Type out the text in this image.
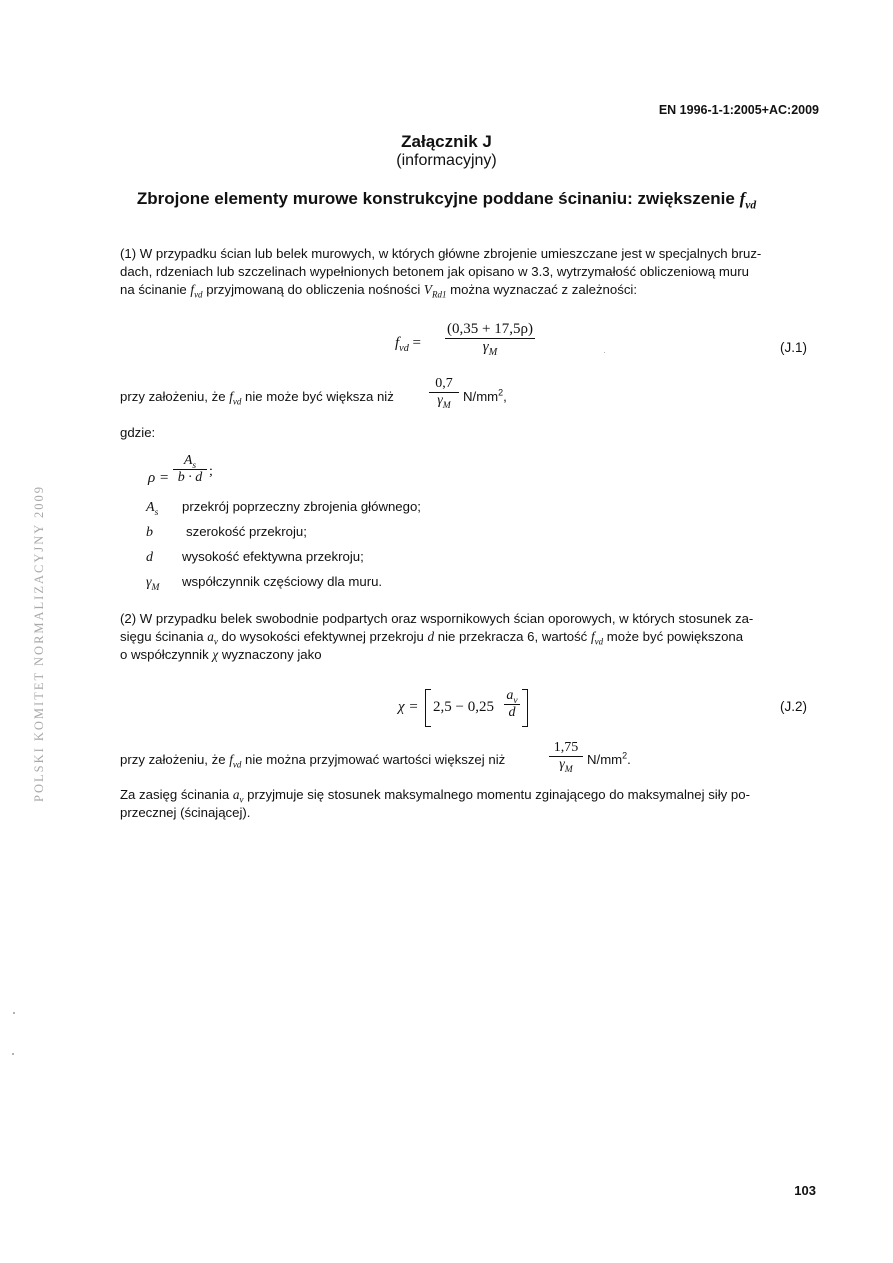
EN 1996-1-1:2005+AC:2009
Załącznik J
(informacyjny)
Zbrojone elementy murowe konstrukcyjne poddane ścinaniu: zwiększenie $f_{vd}$
(1) W przypadku ścian lub belek murowych, w których główne zbrojenie umieszczane jest w specjalnych bruz-
dach, rdzeniach lub szczelinach wypełnionych betonem jak opisano w 3.3, wytrzymałość obliczeniową muru
na ścinanie $f_{vd}$ przyjmowaną do obliczenia nośności $V_{Rd1}$ można wyznaczać z zależności:
$f_{vd}$ =
(0,35 + 17,5ρ)
$\gamma_M$	(J.1)
przy założeniu, że $f_{vd}$ nie może być większa niż
0,7
$\gamma_M$
$N/mm^2$,
gdzie:
ρ =
$A_s$
b · d ;
$A_s$ przekrój poprzeczny zbrojenia głównego;
b	szerokość przekroju;
d wysokość efektywna przekroju;
$\gamma_M$ współczynnik częściowy dla muru.
(2) W przypadku belek swobodnie podpartych oraz wspornikowych ścian oporowych, w których stosunek za-
sięgu ścinania $a_v$ do wysokości efektywnej przekroju d nie przekracza 6, wartość $f_{vd}$ może być powiększona
o współczynnik χ wyznaczony jako
χ = 2,5 − 0,25
$a_v$
d	(J.2)
przy założeniu, że $f_{vd}$ nie można przyjmować wartości większej niż
1,75
$\gamma_M$
$N/mm^2$.
Za zasięg ścinania $a_v$ przyjmuje się stosunek maksymalnego momentu zginającego do maksymalnej siły po-
przecznej (ścinającej).
POLSKI KOMITET NORMALIZACYJNY 2009
103
